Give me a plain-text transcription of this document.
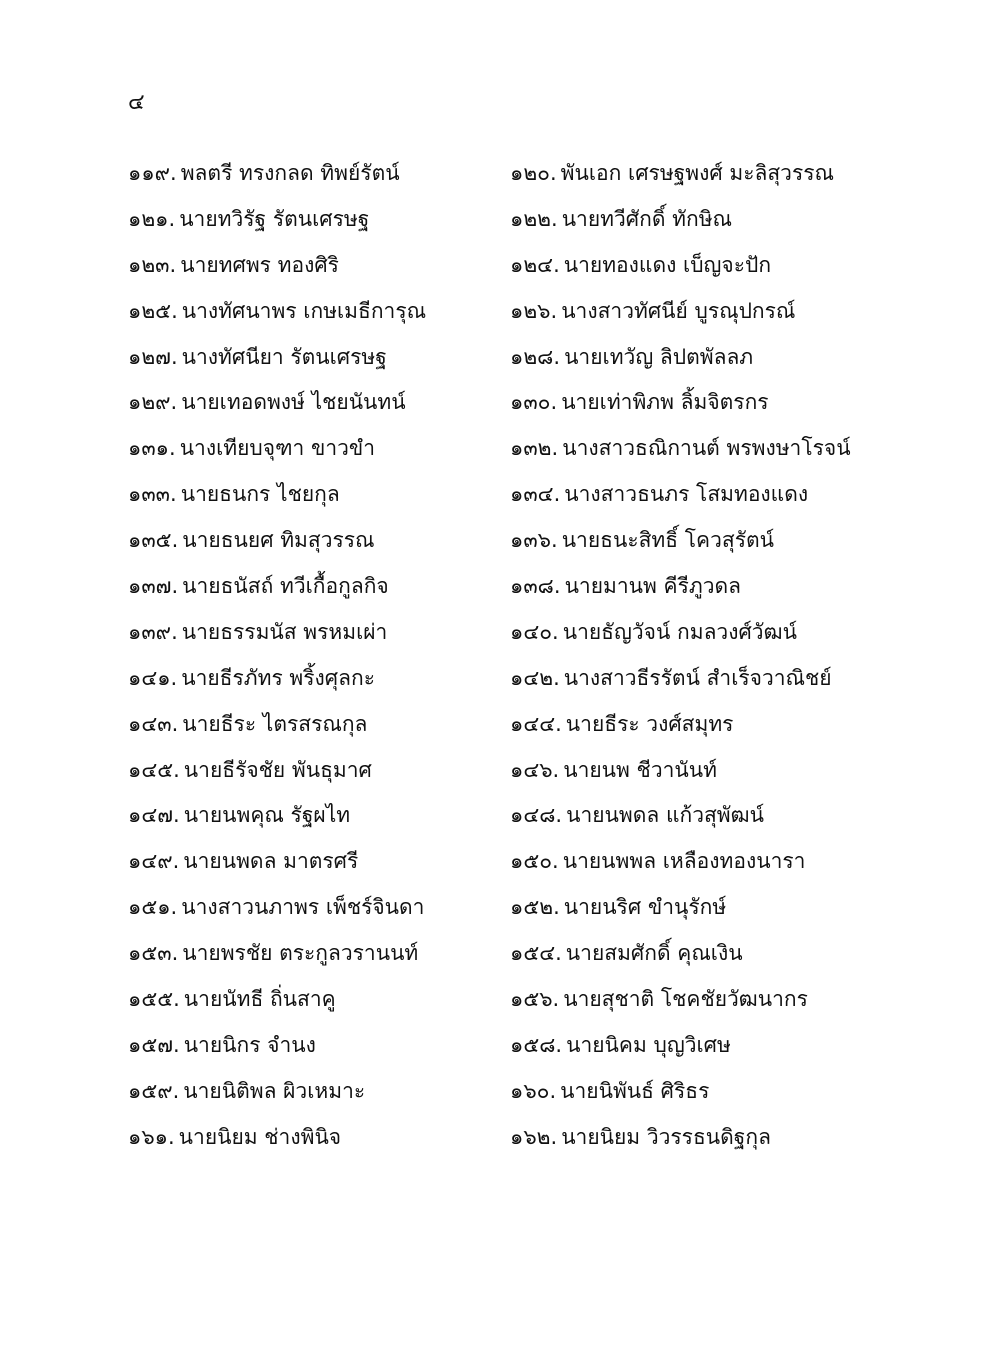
๔
๑๑๙. พลตรี ทรงกลด ทิพย์รัตน์	๑๒๐. พันเอก เศรษฐพงศ์ มะลิสุวรรณ
๑๒๑. นายทวิรัฐ รัตนเศรษฐ	๑๒๒. นายทวีศักดิ์ ทักษิณ
๑๒๓. นายทศพร ทองศิริ	๑๒๔. นายทองแดง เบ็ญจะปัก
๑๒๕. นางทัศนาพร เกษเมธีการุณ	๑๒๖. นางสาวทัศนีย์ บูรณุปกรณ์
๑๒๗. นางทัศนียา รัตนเศรษฐ	๑๒๘. นายเทวัญ ลิปตพัลลภ
๑๒๙. นายเทอดพงษ์ ไชยนันทน์	๑๓๐. นายเท่าพิภพ ลิ้มจิตรกร
๑๓๑. นางเทียบจุฑา ขาวขำ	๑๓๒. นางสาวธณิกานต์ พรพงษาโรจน์
๑๓๓. นายธนกร ไชยกุล	๑๓๔. นางสาวธนภร โสมทองแดง
๑๓๕. นายธนยศ ทิมสุวรรณ	๑๓๖. นายธนะสิทธิ์ โควสุรัตน์
๑๓๗. นายธนัสถ์ ทวีเกื้อกูลกิจ	๑๓๘. นายมานพ คีรีภูวดล
๑๓๙. นายธรรมนัส พรหมเผ่า	๑๔๐. นายธัญวัจน์ กมลวงศ์วัฒน์
๑๔๑. นายธีรภัทร พริ้งศุลกะ	๑๔๒. นางสาวธีรรัตน์ สำเร็จวาณิชย์
๑๔๓. นายธีระ ไตรสรณกุล	๑๔๔. นายธีระ วงศ์สมุทร
๑๔๕. นายธีรัจชัย พันธุมาศ	๑๔๖. นายนพ ชีวานันท์
๑๔๗. นายนพคุณ รัฐผไท	๑๔๘. นายนพดล แก้วสุพัฒน์
๑๔๙. นายนพดล มาตรศรี	๑๕๐. นายนพพล เหลืองทองนารา
๑๕๑. นางสาวนภาพร เพ็ชร์จินดา	๑๕๒. นายนริศ ขำนุรักษ์
๑๕๓. นายพรชัย ตระกูลวรานนท์	๑๕๔. นายสมศักดิ์ คุณเงิน
๑๕๕. นายนัทธี ถิ่นสาคู	๑๕๖. นายสุชาติ โชคชัยวัฒนากร
๑๕๗. นายนิกร จำนง	๑๕๘. นายนิคม บุญวิเศษ
๑๕๙. นายนิติพล ผิวเหมาะ	๑๖๐. นายนิพันธ์ ศิริธร
๑๖๑. นายนิยม ช่างพินิจ	๑๖๒. นายนิยม วิวรรธนดิฐกุล
